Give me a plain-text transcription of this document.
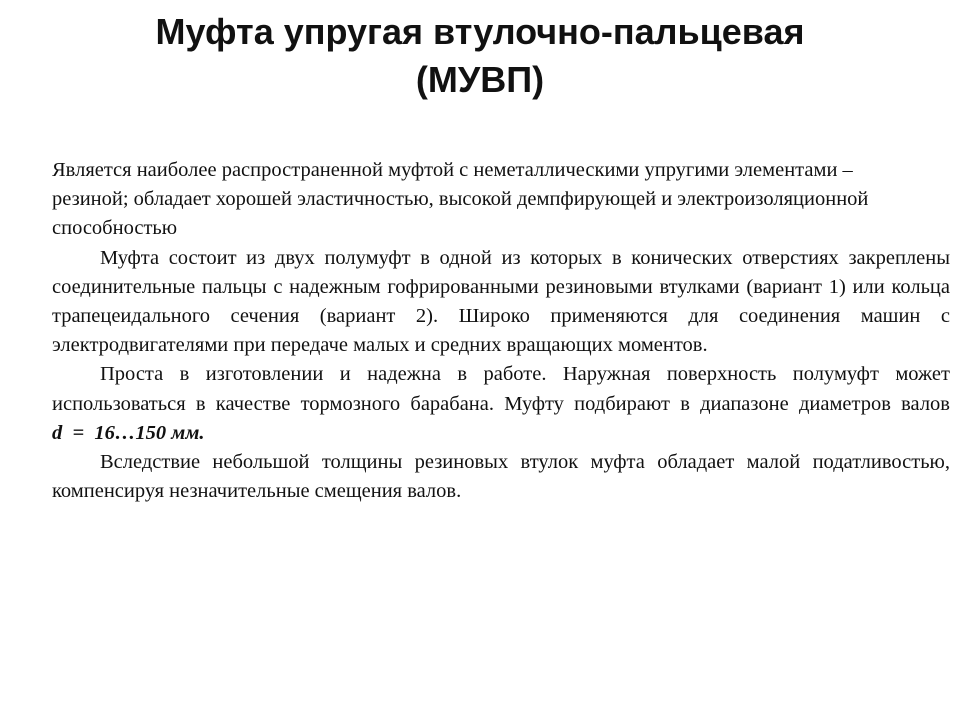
Муфта упругая втулочно-пальцевая
(МУВП)

Является наиболее распространенной муфтой с неметаллическими упругими элементами – резиной; обладает хорошей эластичностью, высокой демпфирующей и электроизоляционной способностью

Муфта состоит из двух полумуфт в одной из которых в конических отверстиях закреплены соединительные пальцы с надежным гофрированными резиновыми втулками (вариант 1) или кольца трапецеидального сечения (вариант 2). Широко применяются для соединения машин с электродвигателями при передаче малых и средних вращающих моментов.

Проста в изготовлении и надежна в работе. Наружная поверхность полумуфт может использоваться в качестве тормозного барабана. Муфту подбирают в диапазоне диаметров валов d  =  16…150 мм.

Вследствие небольшой толщины резиновых втулок муфта обладает малой податливостью, компенсируя незначительные смещения валов.
